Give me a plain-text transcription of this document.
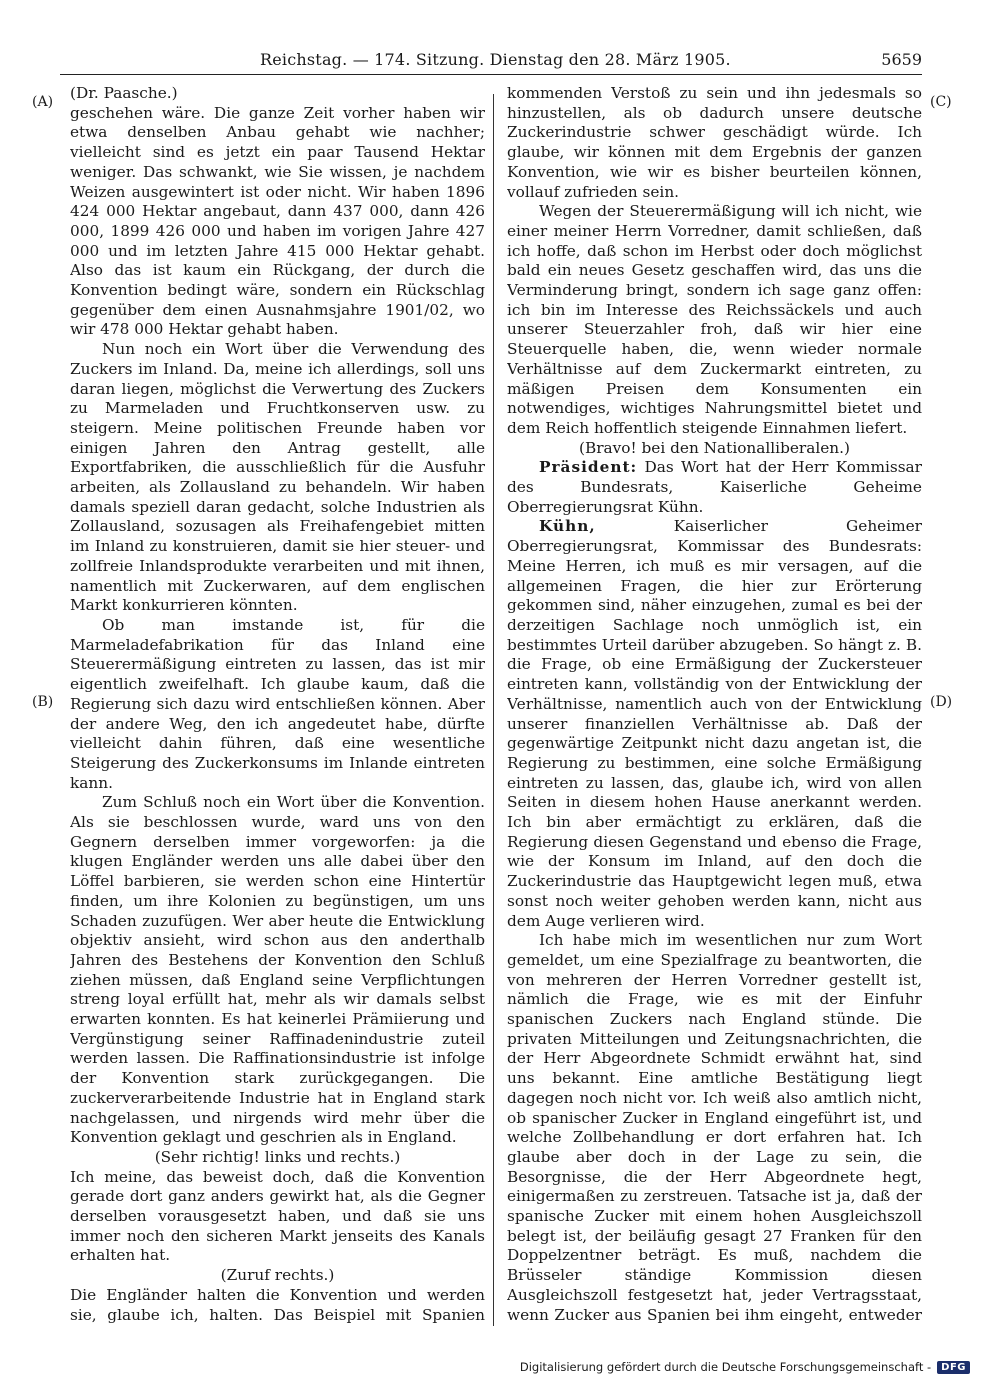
Reichstag. — 174. Sitzung. Dienstag den 28. März 1905.	5659
(A)
(B)
(C)
(D)

(Dr. Paasche.)

geschehen wäre. Die ganze Zeit vorher haben wir etwa denselben Anbau gehabt wie nachher; vielleicht sind es jetzt ein paar Tausend Hektar weniger. Das schwankt, wie Sie wissen, je nachdem Weizen ausgewintert ist oder nicht. Wir haben 1896 424 000 Hektar angebaut, dann 437 000, dann 426 000, 1899 426 000 und haben im vorigen Jahre 427 000 und im letzten Jahre 415 000 Hektar gehabt. Also das ist kaum ein Rückgang, der durch die Konvention bedingt wäre, sondern ein Rückschlag gegenüber dem einen Ausnahmsjahre 1901/02, wo wir 478 000 Hektar gehabt haben.

Nun noch ein Wort über die Verwendung des Zuckers im Inland. Da, meine ich allerdings, soll uns daran liegen, möglichst die Verwertung des Zuckers zu Marmeladen und Fruchtkonserven usw. zu steigern. Meine politischen Freunde haben vor einigen Jahren den Antrag gestellt, alle Exportfabriken, die ausschließlich für die Ausfuhr arbeiten, als Zollausland zu behandeln. Wir haben damals speziell daran gedacht, solche Industrien als Zollausland, sozusagen als Freihafengebiet mitten im Inland zu konstruieren, damit sie hier steuer- und zollfreie Inlandsprodukte verarbeiten und mit ihnen, namentlich mit Zuckerwaren, auf dem englischen Markt konkurrieren könnten.

Ob man imstande ist, für die Marmeladefabrikation für das Inland eine Steuerermäßigung eintreten zu lassen, das ist mir eigentlich zweifelhaft. Ich glaube kaum, daß die Regierung sich dazu wird entschließen können. Aber der andere Weg, den ich angedeutet habe, dürfte vielleicht dahin führen, daß eine wesentliche Steigerung des Zuckerkonsums im Inlande eintreten kann.

Zum Schluß noch ein Wort über die Konvention. Als sie beschlossen wurde, ward uns von den Gegnern derselben immer vorgeworfen: ja die klugen Engländer werden uns alle dabei über den Löffel barbieren, sie werden schon eine Hintertür finden, um ihre Kolonien zu begünstigen, um uns Schaden zuzufügen. Wer aber heute die Entwicklung objektiv ansieht, wird schon aus den anderthalb Jahren des Bestehens der Konvention den Schluß ziehen müssen, daß England seine Verpflichtungen streng loyal erfüllt hat, mehr als wir damals selbst erwarten konnten. Es hat keinerlei Prämiierung und Vergünstigung seiner Raffinadenindustrie zuteil werden lassen. Die Raffinationsindustrie ist infolge der Konvention stark zurückgegangen. Die zuckerverarbeitende Industrie hat in England stark nachgelassen, und nirgends wird mehr über die Konvention geklagt und geschrien als in England.

(Sehr richtig! links und rechts.)

Ich meine, das beweist doch, daß die Konvention gerade dort ganz anders gewirkt hat, als die Gegner derselben vorausgesetzt haben, und daß sie uns immer noch den sicheren Markt jenseits des Kanals erhalten hat.

(Zuruf rechts.)

Die Engländer halten die Konvention und werden sie, glaube ich, halten. Das Beispiel mit Spanien

kommenden Verstoß zu sein und ihn jedesmals so hinzustellen, als ob dadurch unsere deutsche Zuckerindustrie schwer geschädigt würde. Ich glaube, wir können mit dem Ergebnis der ganzen Konvention, wie wir es bisher beurteilen können, vollauf zufrieden sein.

Wegen der Steuerermäßigung will ich nicht, wie einer meiner Herrn Vorredner, damit schließen, daß ich hoffe, daß schon im Herbst oder doch möglichst bald ein neues Gesetz geschaffen wird, das uns die Verminderung bringt, sondern ich sage ganz offen: ich bin im Interesse des Reichssäckels und auch unserer Steuerzahler froh, daß wir hier eine Steuerquelle haben, die, wenn wieder normale Verhältnisse auf dem Zuckermarkt eintreten, zu mäßigen Preisen dem Konsumenten ein notwendiges, wichtiges Nahrungsmittel bietet und dem Reich hoffentlich steigende Einnahmen liefert.

(Bravo! bei den Nationalliberalen.)

Präsident: Das Wort hat der Herr Kommissar des Bundesrats, Kaiserliche Geheime Oberregierungsrat Kühn.

Kühn,	Kaiserlicher Geheimer Oberregierungsrat, Kommissar des Bundesrats: Meine Herren, ich muß es mir versagen, auf die allgemeinen Fragen, die hier zur Erörterung gekommen sind, näher einzugehen, zumal es bei der derzeitigen Sachlage noch unmöglich ist, ein bestimmtes Urteil darüber abzugeben. So hängt z. B. die Frage, ob eine Ermäßigung der Zuckersteuer eintreten kann, vollständig von der Entwicklung der Verhältnisse, namentlich auch von der Entwicklung unserer finanziellen Verhältnisse ab. Daß der gegenwärtige Zeitpunkt nicht dazu angetan ist, die Regierung zu bestimmen, eine solche Ermäßigung eintreten zu lassen, das, glaube ich, wird von allen Seiten in diesem hohen Hause anerkannt werden. Ich bin aber ermächtigt zu erklären, daß die Regierung diesen Gegenstand und ebenso die Frage, wie der Konsum im Inland, auf den doch die Zuckerindustrie das Hauptgewicht legen muß, etwa sonst noch weiter gehoben werden kann, nicht aus dem Auge verlieren wird.

Ich habe mich im wesentlichen nur zum Wort gemeldet, um eine Spezialfrage zu beantworten, die von mehreren der Herren Vorredner gestellt ist, nämlich die Frage, wie es mit der Einfuhr spanischen Zuckers nach England stünde. Die privaten Mitteilungen und Zeitungsnachrichten, die der Herr Abgeordnete Schmidt erwähnt hat, sind uns bekannt. Eine amtliche Bestätigung liegt dagegen noch nicht vor. Ich weiß also amtlich nicht, ob spanischer Zucker in England eingeführt ist, und welche Zollbehandlung er dort erfahren hat. Ich glaube aber doch in der Lage zu sein, die Besorgnisse, die der Herr Abgeordnete hegt, einigermaßen zu zerstreuen. Tatsache ist ja, daß der spanische Zucker mit einem hohen Ausgleichszoll belegt ist, der beiläufig gesagt 27 Franken für den Doppelzentner beträgt. Es muß, nachdem die Brüsseler ständige Kommission diesen Ausgleichszoll festgesetzt hat, jeder Vertragsstaat, wenn Zucker aus Spanien bei ihm eingeht, entweder

Digitalisierung gefördert durch die Deutsche Forschungsgemeinschaft -	DFG
